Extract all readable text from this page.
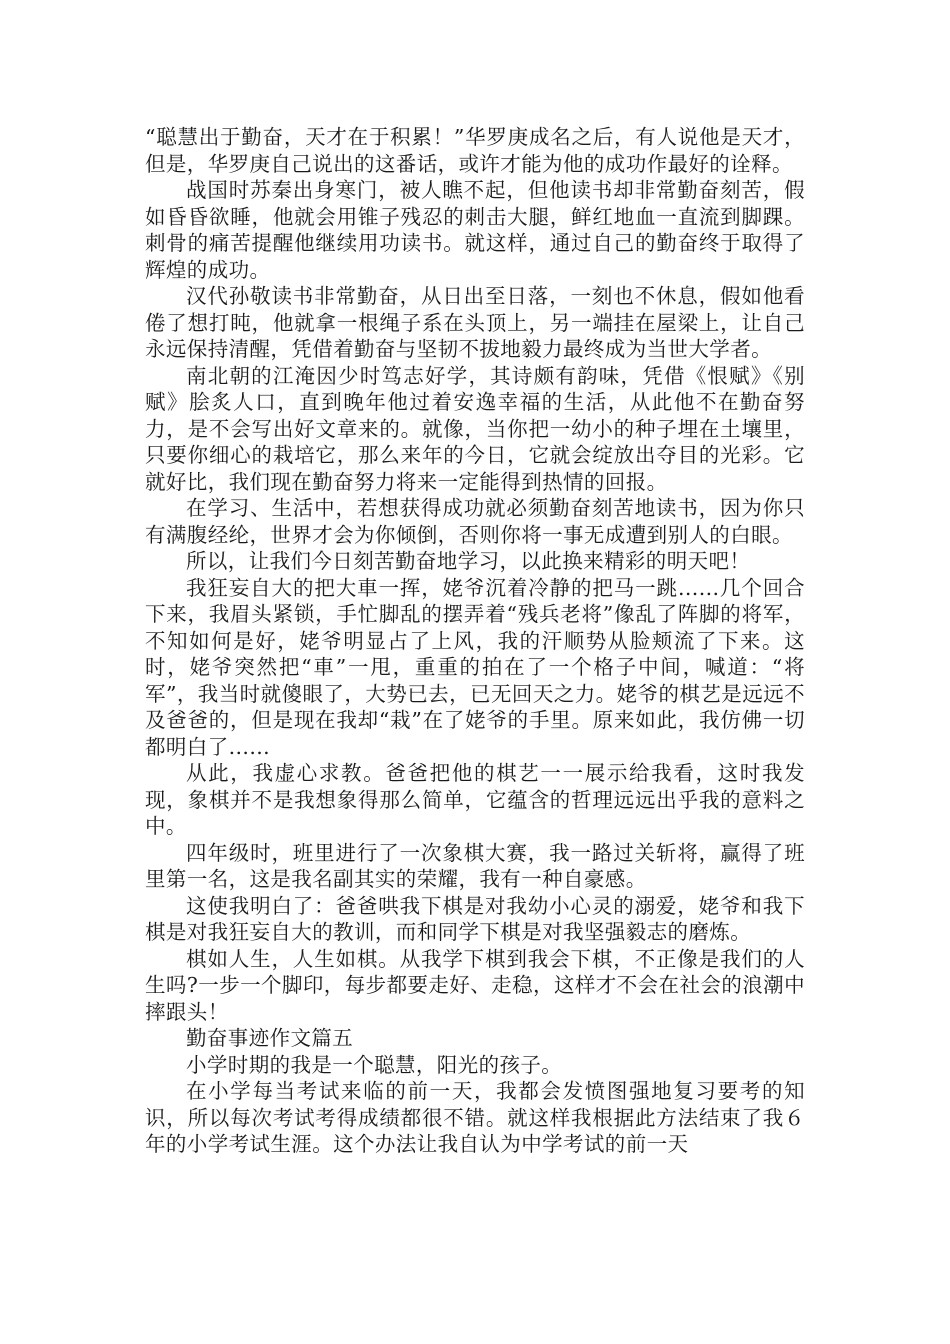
“聪慧出于勤奋，天才在于积累！”华罗庚成名之后，有人说他是天才，但是，华罗庚自己说出的这番话，或许才能为他的成功作最好的诠释。

战国时苏秦出身寒门，被人瞧不起，但他读书却非常勤奋刻苦，假如昏昏欲睡，他就会用锥子残忍的刺击大腿，鲜红地血一直流到脚踝。刺骨的痛苦提醒他继续用功读书。就这样，通过自己的勤奋终于取得了辉煌的成功。

汉代孙敬读书非常勤奋，从日出至日落，一刻也不休息，假如他看倦了想打盹，他就拿一根绳子系在头顶上，另一端挂在屋梁上，让自己永远保持清醒，凭借着勤奋与坚韧不拔地毅力最终成为当世大学者。

南北朝的江淹因少时笃志好学，其诗颇有韵味，凭借《恨赋》《别赋》脍炙人口，直到晚年他过着安逸幸福的生活，从此他不在勤奋努力，是不会写出好文章来的。就像，当你把一幼小的种子埋在土壤里，只要你细心的栽培它，那么来年的今日，它就会绽放出夺目的光彩。它就好比，我们现在勤奋努力将来一定能得到热情的回报。

在学习、生活中，若想获得成功就必须勤奋刻苦地读书，因为你只有满腹经纶，世界才会为你倾倒，否则你将一事无成遭到别人的白眼。

所以，让我们今日刻苦勤奋地学习，以此换来精彩的明天吧！

我狂妄自大的把大車一挥，姥爷沉着冷静的把马一跳......几个回合下来，我眉头紧锁，手忙脚乱的摆弄着“残兵老将”像乱了阵脚的将军，不知如何是好，姥爷明显占了上风，我的汗顺势从脸颊流了下来。这时，姥爷突然把“車”一甩，重重的拍在了一个格子中间，喊道：“将军”，我当时就傻眼了，大势已去，已无回天之力。姥爷的棋艺是远远不及爸爸的，但是现在我却“栽”在了姥爷的手里。原来如此，我仿佛一切都明白了......

从此，我虚心求教。爸爸把他的棋艺一一展示给我看，这时我发现，象棋并不是我想象得那么简单，它蕴含的哲理远远出乎我的意料之中。

四年级时，班里进行了一次象棋大赛，我一路过关斩将，赢得了班里第一名，这是我名副其实的荣耀，我有一种自豪感。

这使我明白了：爸爸哄我下棋是对我幼小心灵的溺爱，姥爷和我下棋是对我狂妄自大的教训，而和同学下棋是对我坚强毅志的磨炼。

棋如人生，人生如棋。从我学下棋到我会下棋，不正像是我们的人生吗?一步一个脚印，每步都要走好、走稳，这样才不会在社会的浪潮中摔跟头！

勤奋事迹作文篇五

小学时期的我是一个聪慧，阳光的孩子。

在小学每当考试来临的前一天，我都会发愤图强地复习要考的知识，所以每次考试考得成绩都很不错。就这样我根据此方法结束了我６年的小学考试生涯。这个办法让我自认为中学考试的前一天
